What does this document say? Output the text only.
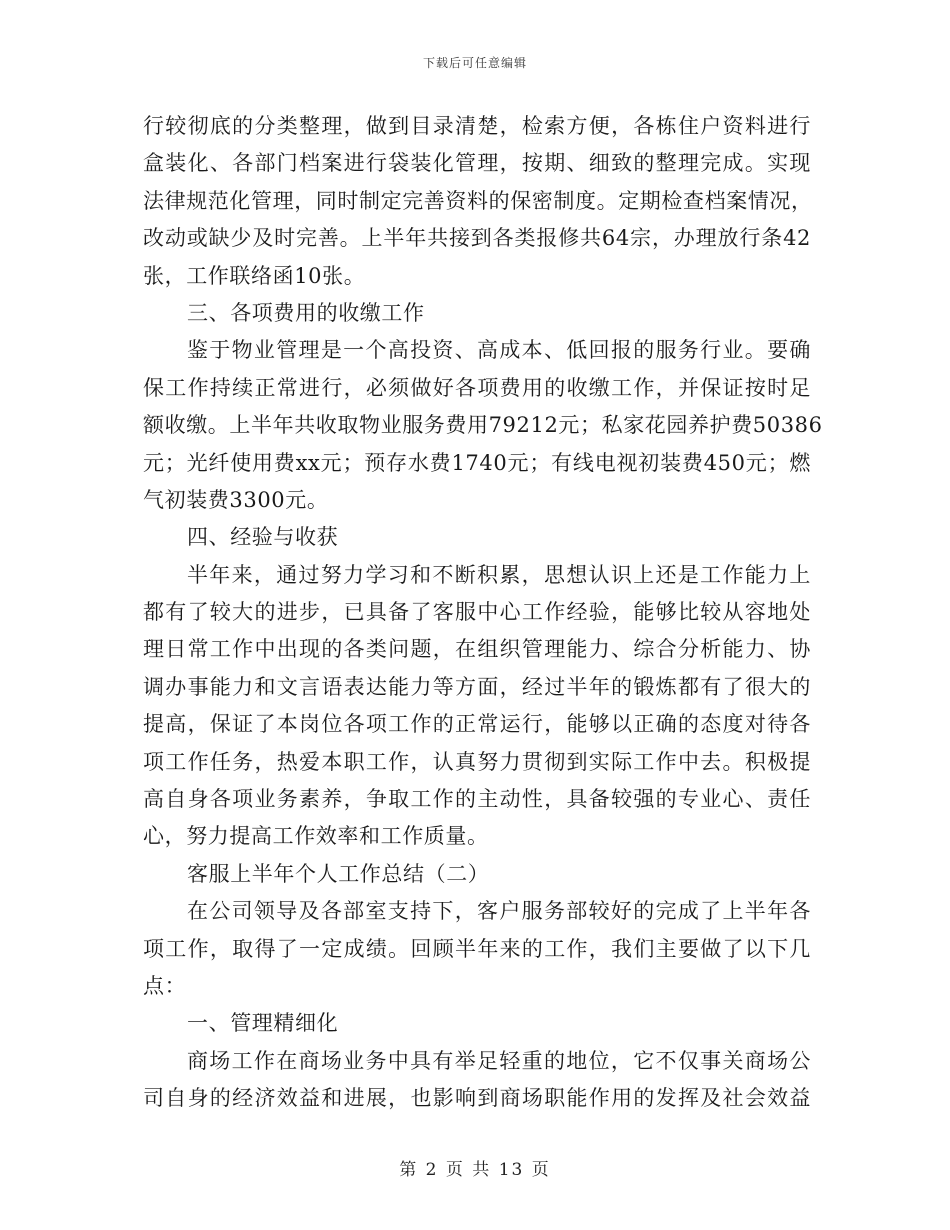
下载后可任意编辑
行较彻底的分类整理，做到目录清楚，检索方便，各栋住户资料进行
盒装化、各部门档案进行袋装化管理，按期、细致的整理完成。实现
法律规范化管理，同时制定完善资料的保密制度。定期检查档案情况，
改动或缺少及时完善。上半年共接到各类报修共64宗，办理放行条42
张，工作联络函10张。
三、各项费用的收缴工作
鉴于物业管理是一个高投资、高成本、低回报的服务行业。要确
保工作持续正常进行，必须做好各项费用的收缴工作，并保证按时足
额收缴。上半年共收取物业服务费用79212元；私家花园养护费50386
元；光纤使用费xx元；预存水费1740元；有线电视初装费450元；燃
气初装费3300元。
四、经验与收获
半年来，通过努力学习和不断积累，思想认识上还是工作能力上
都有了较大的进步，已具备了客服中心工作经验，能够比较从容地处
理日常工作中出现的各类问题，在组织管理能力、综合分析能力、协
调办事能力和文言语表达能力等方面，经过半年的锻炼都有了很大的
提高，保证了本岗位各项工作的正常运行，能够以正确的态度对待各
项工作任务，热爱本职工作，认真努力贯彻到实际工作中去。积极提
高自身各项业务素养，争取工作的主动性，具备较强的专业心、责任
心，努力提高工作效率和工作质量。
客服上半年个人工作总结（二）
在公司领导及各部室支持下，客户服务部较好的完成了上半年各
项工作，取得了一定成绩。回顾半年来的工作，我们主要做了以下几
点：
一、管理精细化
商场工作在商场业务中具有举足轻重的地位，它不仅事关商场公
司自身的经济效益和进展，也影响到商场职能作用的发挥及社会效益
第 2 页 共 13 页
